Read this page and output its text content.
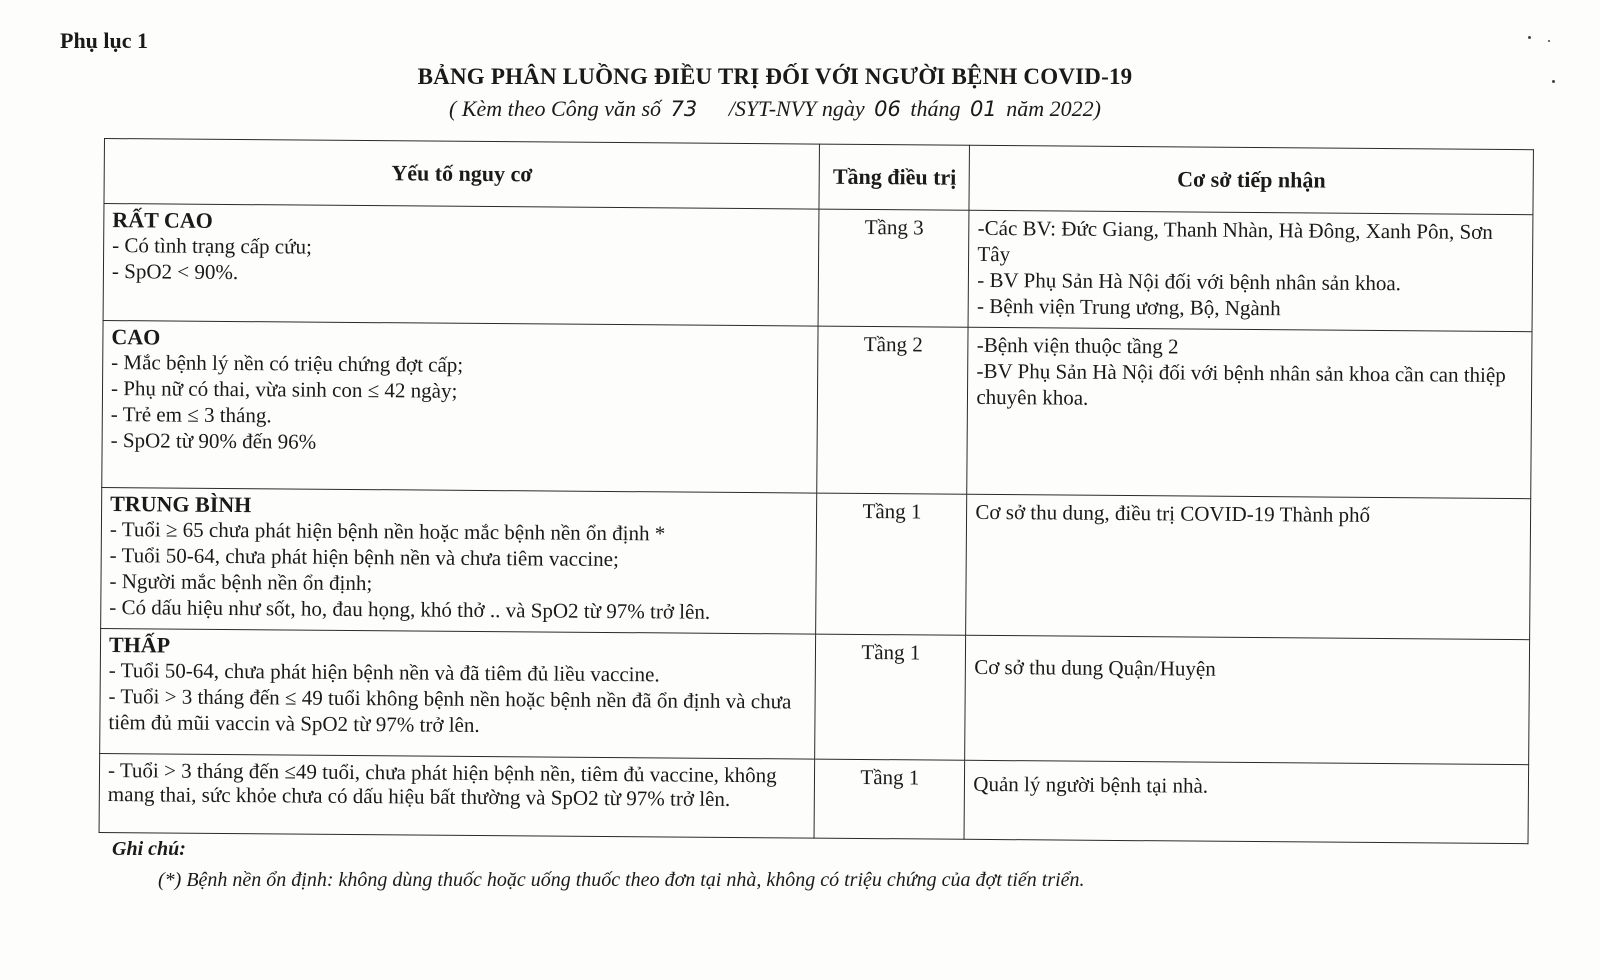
Phụ lục 1
BẢNG PHÂN LUỒNG ĐIỀU TRỊ ĐỐI VỚI NGƯỜI BỆNH COVID-19
( Kèm theo Công văn số 73 /SYT-NVY ngày 06 tháng 01 năm 2022)
Yếu tố nguy cơ	Tầng điều trị	Cơ sở tiếp nhận

RẤT CAO
- Có tình trạng cấp cứu;
- SpO2 < 90%.	Tầng 3	-Các BV: Đức Giang, Thanh Nhàn, Hà Đông, Xanh Pôn, Sơn Tây
- BV Phụ Sản Hà Nội đối với bệnh nhân sản khoa.
- Bệnh viện Trung ương, Bộ, Ngành

CAO
- Mắc bệnh lý nền có triệu chứng đợt cấp;
- Phụ nữ có thai, vừa sinh con ≤ 42 ngày;
- Trẻ em ≤ 3 tháng.
- SpO2 từ 90% đến 96%	Tầng 2	-Bệnh viện thuộc tầng 2
-BV Phụ Sản Hà Nội đối với bệnh nhân sản khoa cần can thiệp chuyên khoa.

TRUNG BÌNH
- Tuổi ≥ 65 chưa phát hiện bệnh nền hoặc mắc bệnh nền ổn định *
- Tuổi 50-64, chưa phát hiện bệnh nền và chưa tiêm vaccine;
- Người mắc bệnh nền ổn định;
- Có dấu hiệu như sốt, ho, đau họng, khó thở .. và SpO2 từ 97% trở lên.	Tầng 1	Cơ sở thu dung, điều trị COVID-19 Thành phố

THẤP
- Tuổi 50-64, chưa phát hiện bệnh nền và đã tiêm đủ liều vaccine.
- Tuổi > 3 tháng đến ≤ 49 tuổi không bệnh nền hoặc bệnh nền đã ổn định và chưa tiêm đủ mũi vaccin và SpO2 từ 97% trở lên.	Tầng 1	Cơ sở thu dung Quận/Huyện

- Tuổi > 3 tháng đến ≤49 tuổi, chưa phát hiện bệnh nền, tiêm đủ vaccine, không mang thai, sức khỏe chưa có dấu hiệu bất thường và SpO2 từ 97% trở lên.	Tầng 1	Quản lý người bệnh tại nhà.
Ghi chú:
(*) Bệnh nền ổn định: không dùng thuốc hoặc uống thuốc theo đơn tại nhà, không có triệu chứng của đợt tiến triển.
